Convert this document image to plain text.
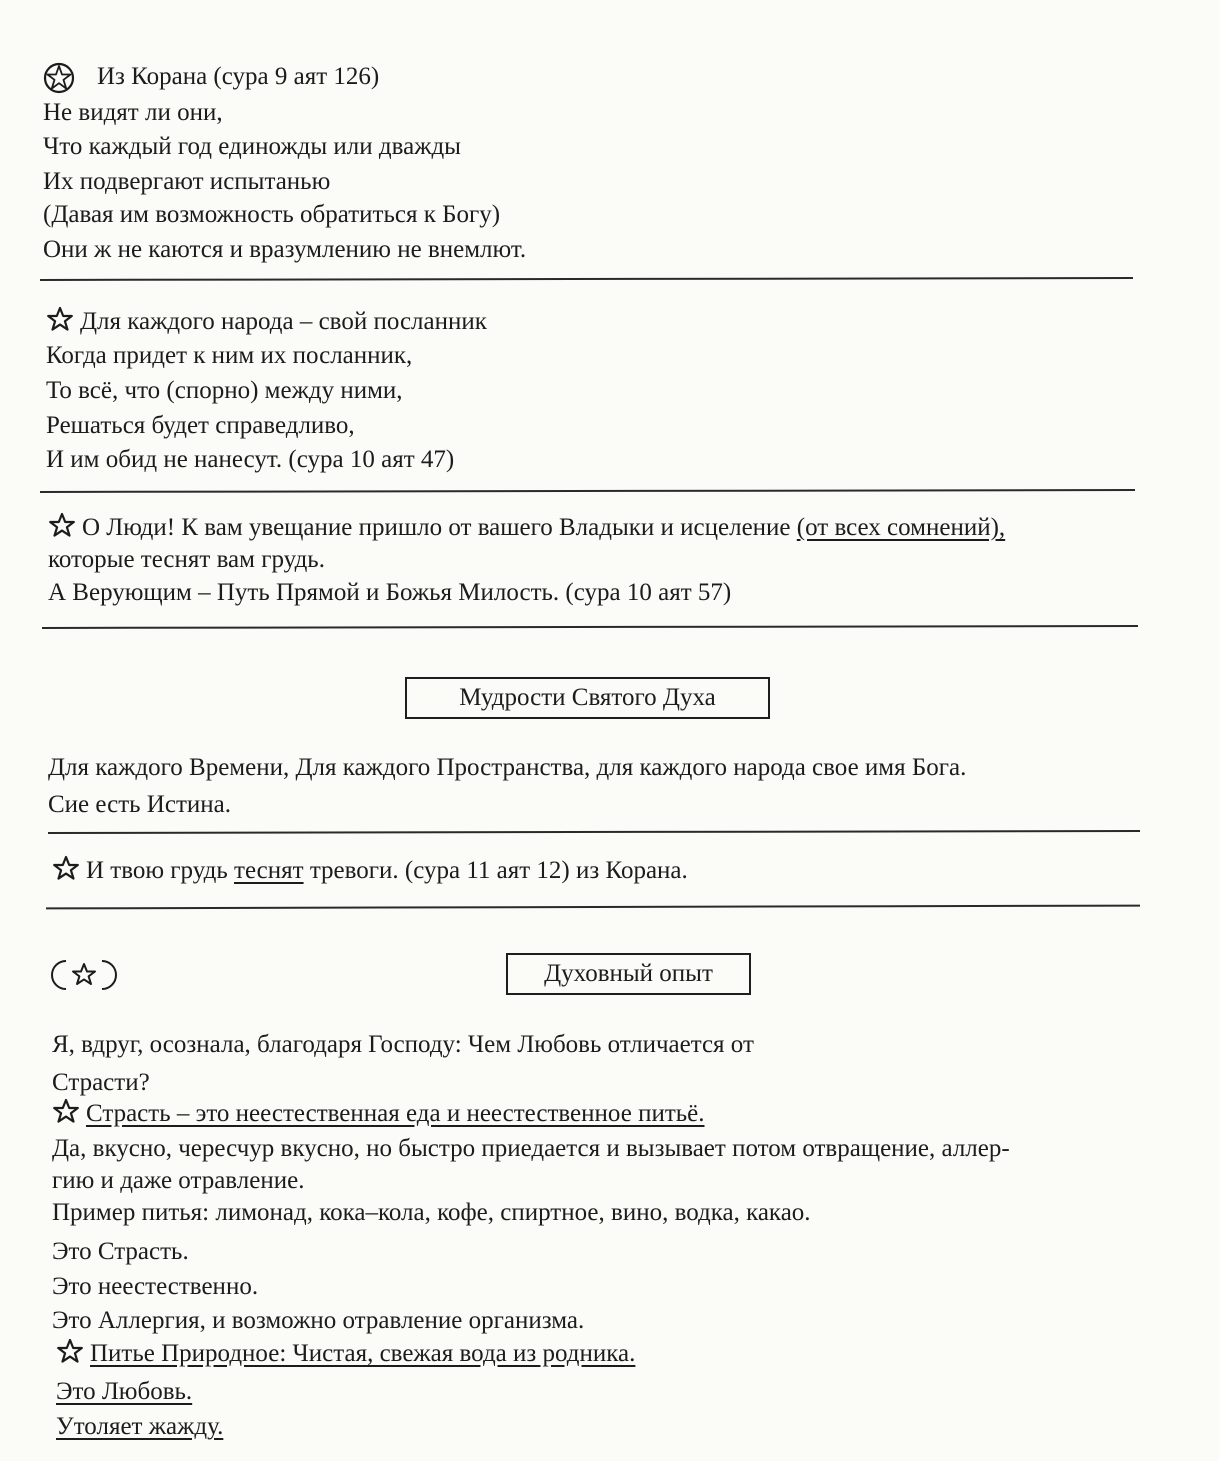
Из Корана (сура 9 аят 126)
Не видят ли они,
Что каждый год единожды или дважды
Их подвергают испытанью
(Давая им возможность обратиться к Богу)
Они ж не каются и вразумлению не внемлют.
Для каждого народа – свой посланник
Когда придет к ним их посланник,
То всё, что (спорно) между ними,
Решаться будет справедливо,
И им обид не нанесут. (сура 10 аят 47)
О Люди! К вам увещание пришло от вашего Владыки и исцеление (от всех сомнений),
которые теснят вам грудь.
А Верующим – Путь Прямой и Божья Милость. (сура 10 аят 57)
Мудрости Святого Духа
Для каждого Времени, Для каждого Пространства, для каждого народа свое имя Бога.
Сие есть Истина.
И твою грудь теснят тревоги. (сура 11 аят 12) из Корана.
Духовный опыт
Я, вдруг, осознала, благодаря Господу: Чем Любовь отличается от
Страсти?
Страсть – это неестественная еда и неестественное питьё.
Да, вкусно, чересчур вкусно, но быстро приедается и вызывает потом отвращение, аллер-
гию и даже отравление.
Пример питья: лимонад, кока–кола, кофе, спиртное, вино, водка, какао.
Это Страсть.
Это неестественно.
Это Аллергия, и возможно отравление организма.
Питье Природное: Чистая, свежая вода из родника.
Это Любовь.
Утоляет жажду.
